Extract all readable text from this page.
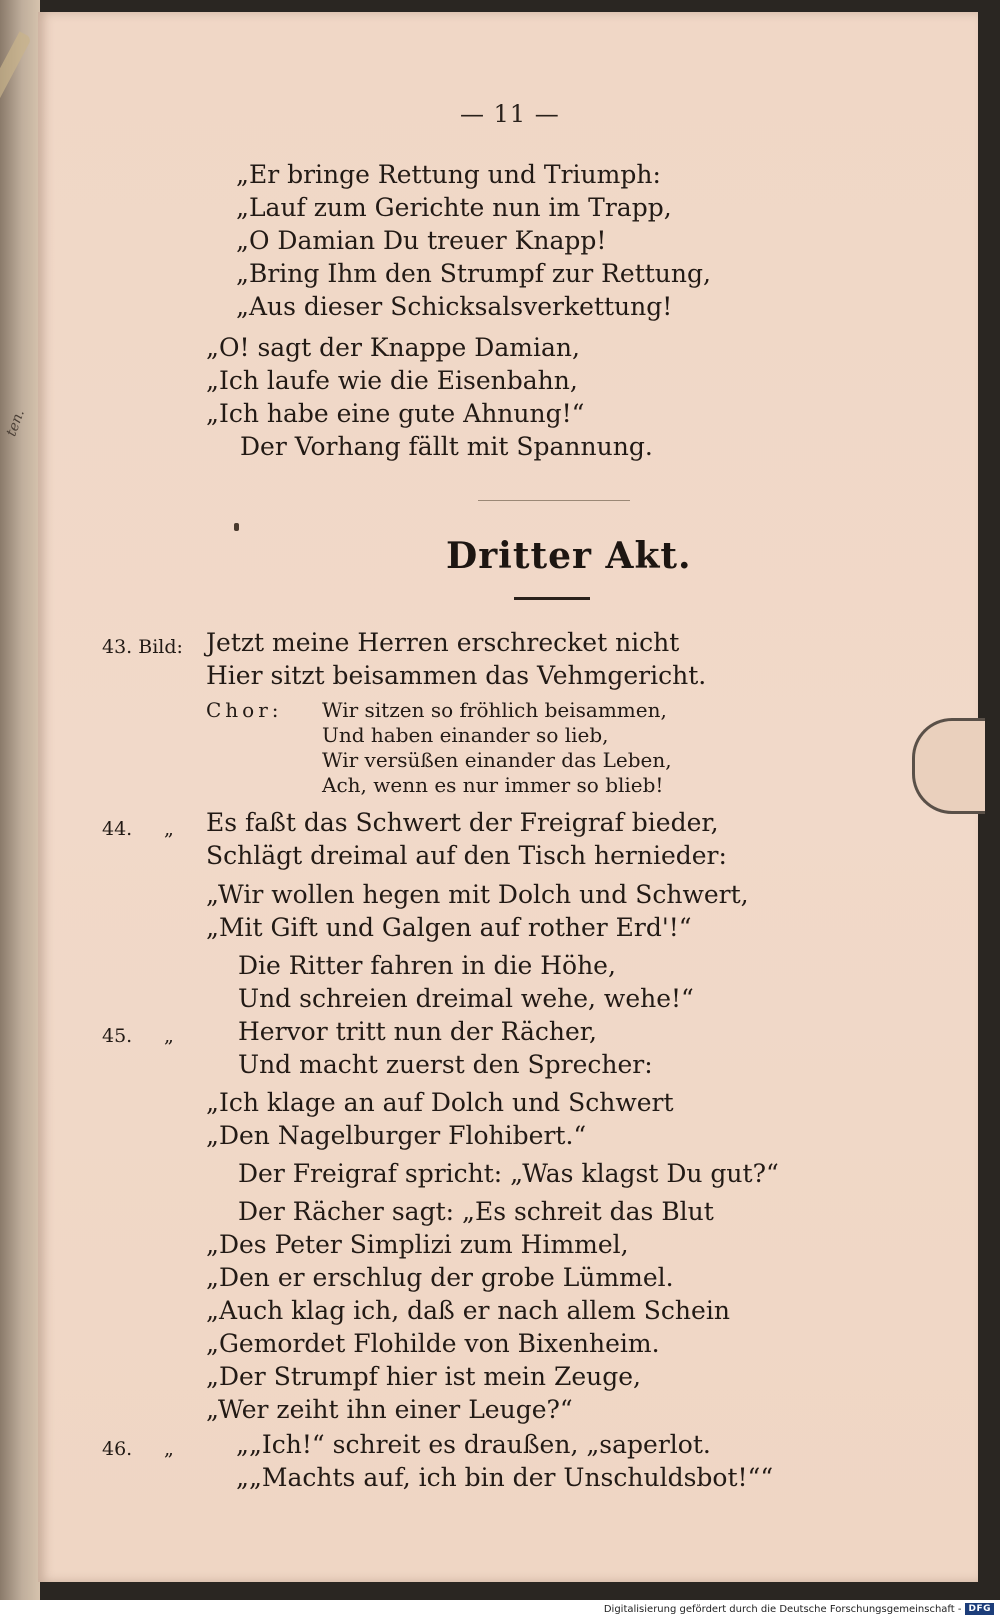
ten.
— 11 —
„Er bringe Rettung und Triumph:
„Lauf zum Gerichte nun im Trapp,
„O Damian Du treuer Knapp!
„Bring Ihm den Strumpf zur Rettung,
„Aus dieser Schicksalsverkettung!
„O! sagt der Knappe Damian,
„Ich laufe wie die Eisenbahn,
„Ich habe eine gute Ahnung!“
Der Vorhang fällt mit Spannung.
Dritter Akt.
43. Bild: Jetzt meine Herren erschrecket nicht
Hier sitzt beisammen das Vehmgericht.
Chor: Wir sitzen so fröhlich beisammen,
Und haben einander so lieb,
Wir versüßen einander das Leben,
Ach, wenn es nur immer so blieb!
44. „ Es faßt das Schwert der Freigraf bieder,
Schlägt dreimal auf den Tisch hernieder:
„Wir wollen hegen mit Dolch und Schwert,
„Mit Gift und Galgen auf rother Erd'!“
Die Ritter fahren in die Höhe,
Und schreien dreimal wehe, wehe!“
45. „	Hervor tritt nun der Rächer,
Und macht zuerst den Sprecher:
„Ich klage an auf Dolch und Schwert
„Den Nagelburger Flohibert.“
Der Freigraf spricht: „Was klagst Du gut?“
Der Rächer sagt: „Es schreit das Blut
„Des Peter Simplizi zum Himmel,
„Den er erschlug der grobe Lümmel.
„Auch klag ich, daß er nach allem Schein
„Gemordet Flohilde von Bixenheim.
„Der Strumpf hier ist mein Zeuge,
„Wer zeiht ihn einer Leuge?“
46. „ „„Ich!“ schreit es draußen, „saperlot.
„„Machts auf, ich bin der Unschuldsbot!““
Digitalisierung gefördert durch die Deutsche Forschungsgemeinschaft - DFG
